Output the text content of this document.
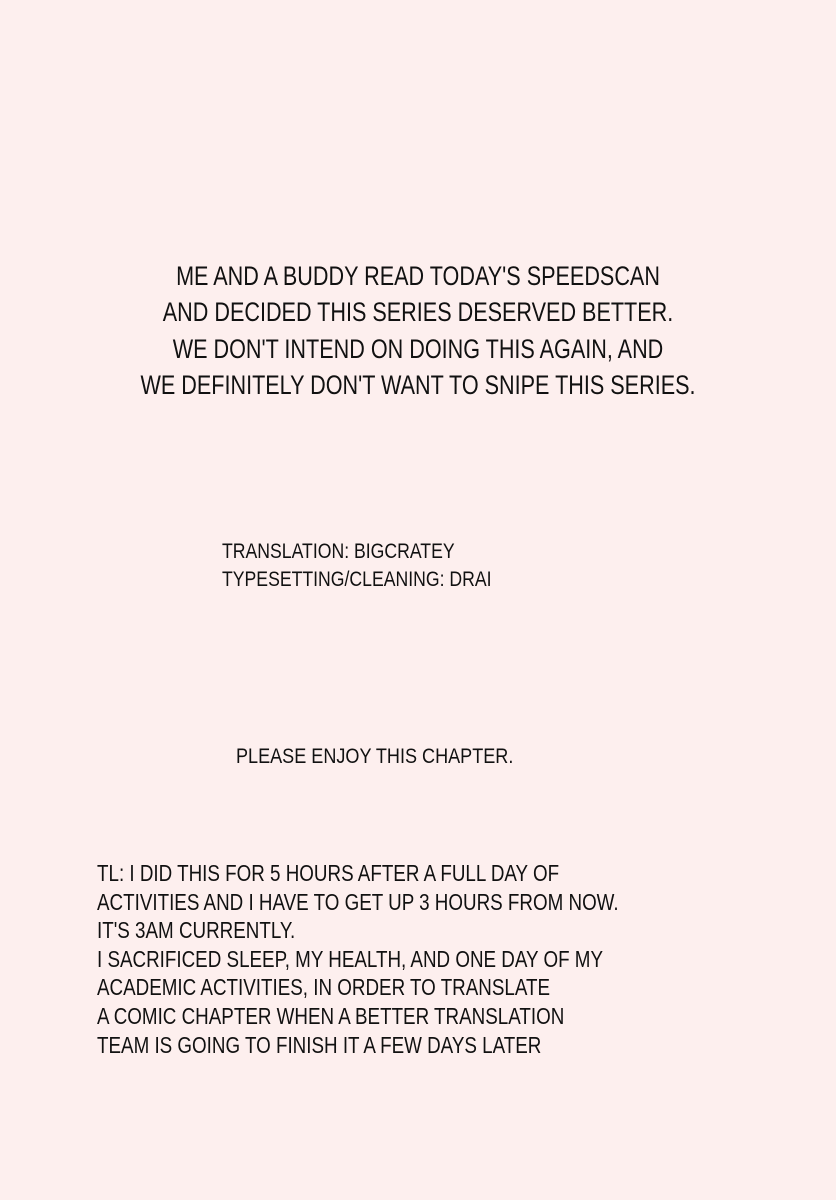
ME AND A BUDDY READ TODAY'S SPEEDSCAN
AND DECIDED THIS SERIES DESERVED BETTER.
WE DON'T INTEND ON DOING THIS AGAIN, AND
WE DEFINITELY DON'T WANT TO SNIPE THIS SERIES.
TRANSLATION: BIGCRATEY
TYPESETTING/CLEANING: DRAI
PLEASE ENJOY THIS CHAPTER.
TL: I DID THIS FOR 5 HOURS AFTER A FULL DAY OF
ACTIVITIES AND I HAVE TO GET UP 3 HOURS FROM NOW.
IT'S 3AM CURRENTLY.
I SACRIFICED SLEEP, MY HEALTH, AND ONE DAY OF MY
ACADEMIC ACTIVITIES, IN ORDER TO TRANSLATE
A COMIC CHAPTER WHEN A BETTER TRANSLATION
TEAM IS GOING TO FINISH IT A FEW DAYS LATER
